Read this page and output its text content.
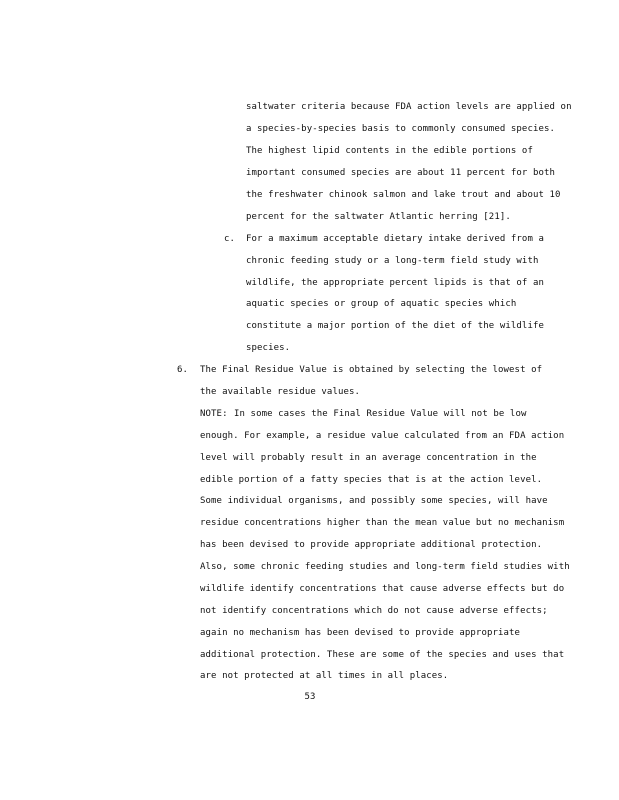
saltwater criteria because FDA action levels are applied on
a species-by-species basis to commonly consumed species.
The highest lipid contents in the edible portions of
important consumed species are about 11 percent for both
the freshwater chinook salmon and lake trout and about 10
percent for the saltwater Atlantic herring [21].
c. For a maximum acceptable dietary intake derived from a
chronic feeding study or a long-term field study with
wildlife, the appropriate percent lipids is that of an
aquatic species or group of aquatic species which
constitute a major portion of the diet of the wildlife
species.
6. The Final Residue Value is obtained by selecting the lowest of
the available residue values.
NOTE: In some cases the Final Residue Value will not be low
enough. For example, a residue value calculated from an FDA action
level will probably result in an average concentration in the
edible portion of a fatty species that is at the action level.
Some individual organisms, and possibly some species, will have
residue concentrations higher than the mean value but no mechanism
has been devised to provide appropriate additional protection.
Also, some chronic feeding studies and long-term field studies with
wildlife identify concentrations that cause adverse effects but do
not identify concentrations which do not cause adverse effects;
again no mechanism has been devised to provide appropriate
additional protection. These are some of the species and uses that
are not protected at all times in all places.
53
